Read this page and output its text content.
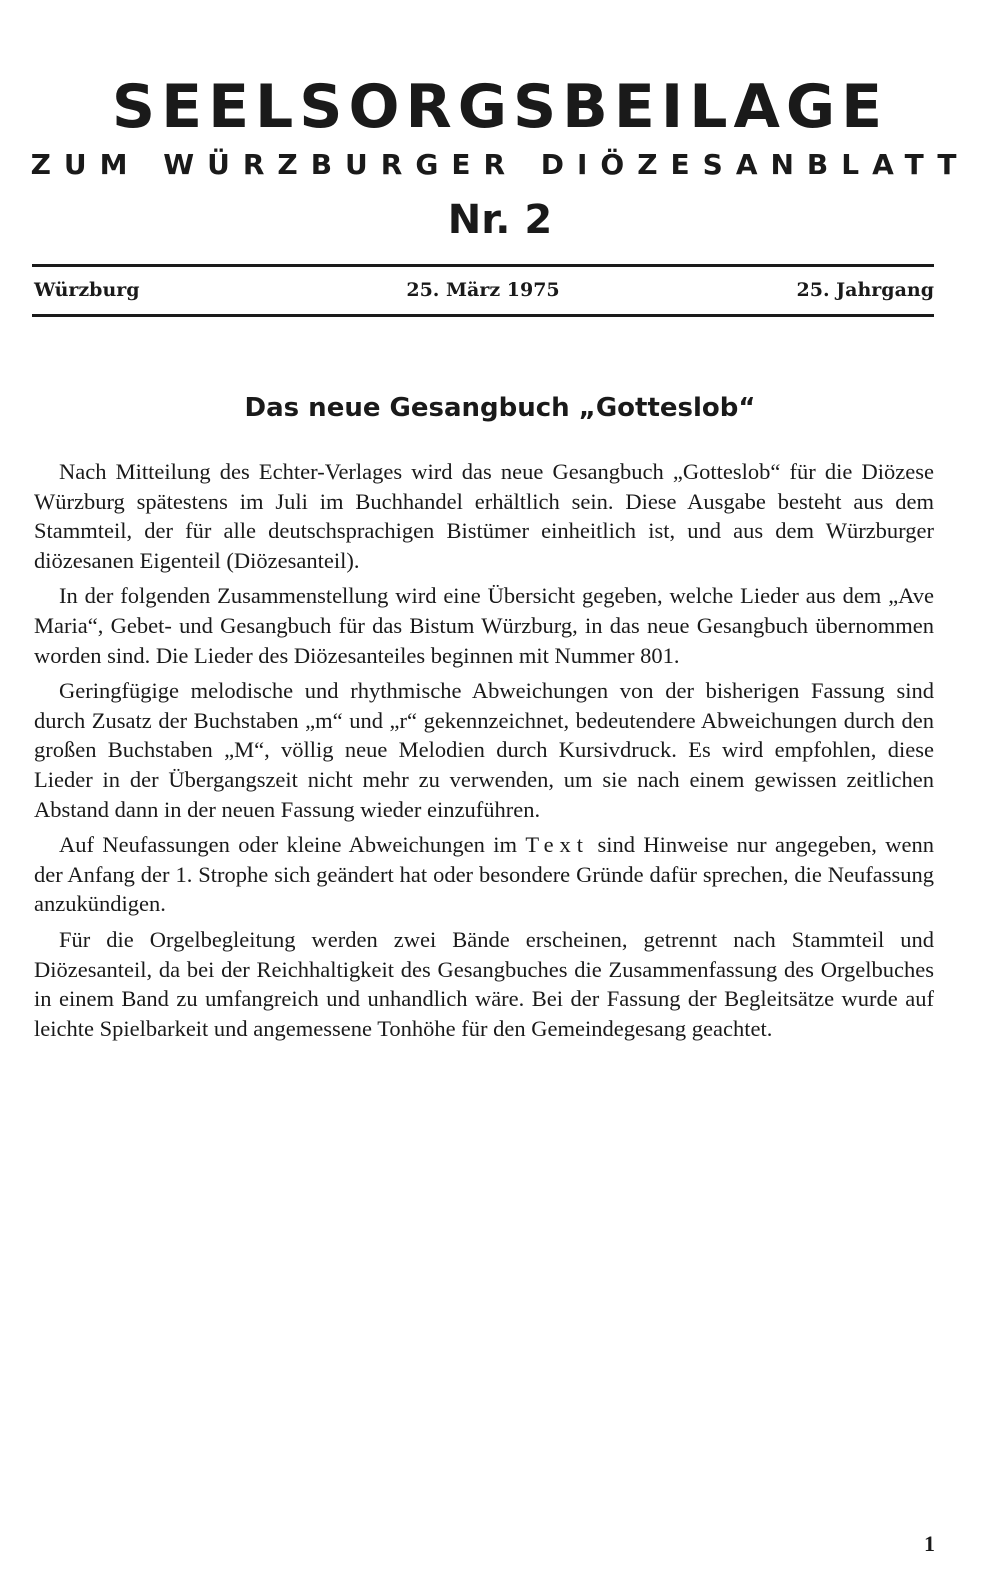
SEELSORGSBEILAGE
ZUM WÜRZBURGER DIÖZESANBLATT
Nr. 2
Würzburg	25. März 1975	25. Jahrgang
Das neue Gesangbuch „Gotteslob“

Nach Mitteilung des Echter-Verlages wird das neue Gesangbuch „Gotteslob“ für die Diözese Würzburg spätestens im Juli im Buchhandel erhältlich sein. Diese Ausgabe besteht aus dem Stammteil, der für alle deutschsprachigen Bistümer einheitlich ist, und aus dem Würzburger diözesanen Eigenteil (Diözesanteil).

In der folgenden Zusammenstellung wird eine Übersicht gegeben, welche Lieder aus dem „Ave Maria“, Gebet- und Gesangbuch für das Bistum Würzburg, in das neue Gesangbuch übernommen worden sind. Die Lieder des Diözesanteiles beginnen mit Nummer 801.

Geringfügige melodische und rhythmische Abweichungen von der bisherigen Fassung sind durch Zusatz der Buchstaben „m“ und „r“ gekennzeichnet, bedeutendere Abweichungen durch den großen Buchstaben „M“, völlig neue Melodien durch Kursivdruck. Es wird empfohlen, diese Lieder in der Übergangszeit nicht mehr zu verwenden, um sie nach einem gewissen zeitlichen Abstand dann in der neuen Fassung wieder einzuführen.

Auf Neufassungen oder kleine Abweichungen im Text sind Hinweise nur angegeben, wenn der Anfang der 1. Strophe sich geändert hat oder besondere Gründe dafür sprechen, die Neufassung anzukündigen.

Für die Orgelbegleitung werden zwei Bände erscheinen, getrennt nach Stammteil und Diözesanteil, da bei der Reichhaltigkeit des Gesangbuches die Zusammenfassung des Orgelbuches in einem Band zu umfangreich und unhandlich wäre. Bei der Fassung der Begleitsätze wurde auf leichte Spielbarkeit und angemessene Tonhöhe für den Gemeindegesang geachtet.

1
